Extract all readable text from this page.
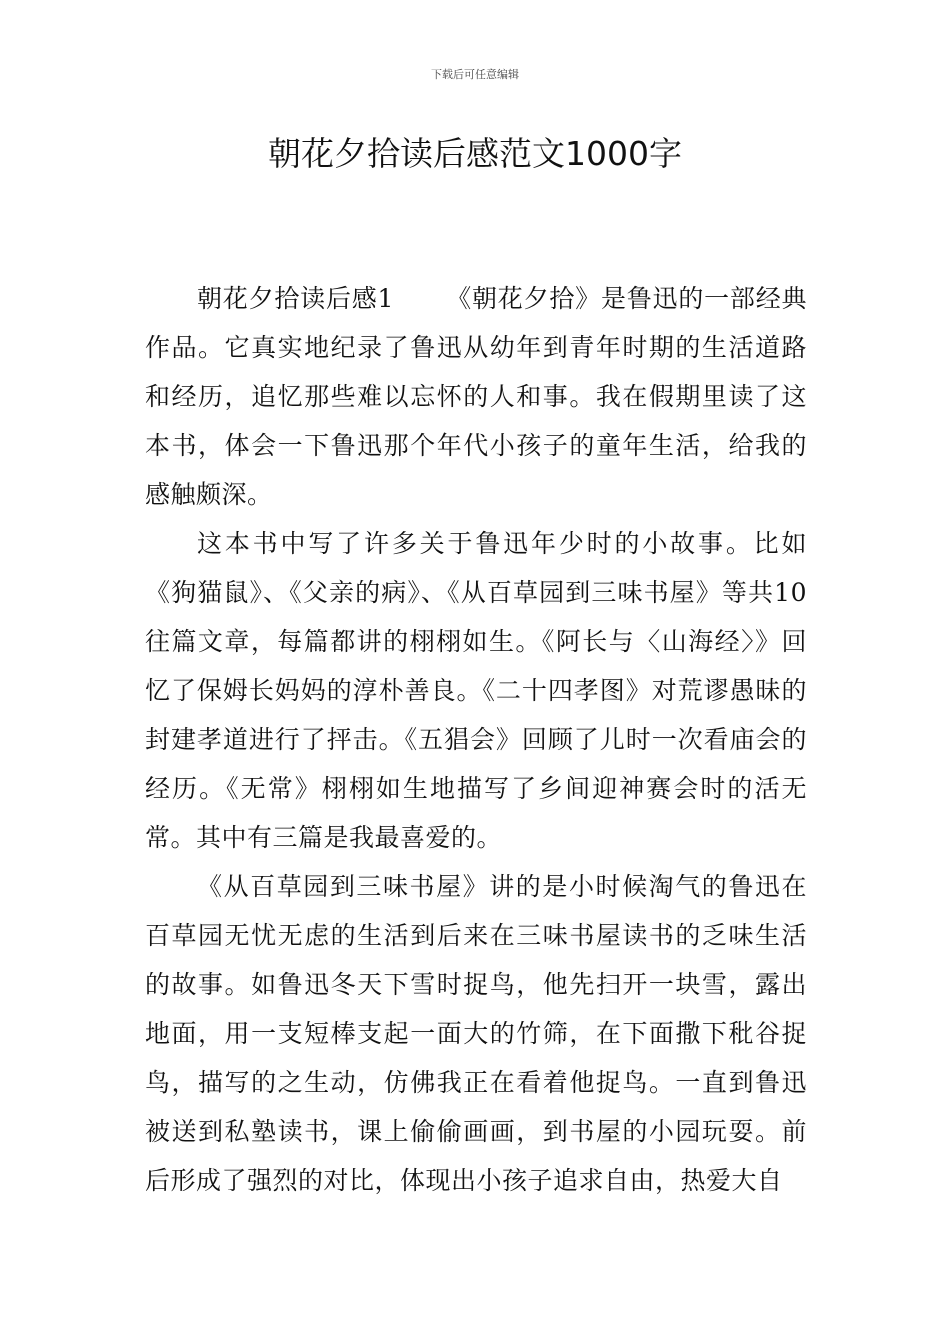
下载后可任意编辑
朝花夕拾读后感范文1000字

朝花夕拾读后感1 《朝花夕拾》是鲁迅的一部经典作品。它真实地纪录了鲁迅从幼年到青年时期的生活道路和经历，追忆那些难以忘怀的人和事。我在假期里读了这本书，体会一下鲁迅那个年代小孩子的童年生活，给我的感触颇深。

这本书中写了许多关于鲁迅年少时的小故事。比如《狗猫鼠》、《父亲的病》、《从百草园到三味书屋》等共10往篇文章，每篇都讲的栩栩如生。《阿长与〈山海经〉》回忆了保姆长妈妈的淳朴善良。《二十四孝图》对荒谬愚昧的封建孝道进行了抨击。《五猖会》回顾了儿时一次看庙会的经历。《无常》栩栩如生地描写了乡间迎神赛会时的活无常。其中有三篇是我最喜爱的。

《从百草园到三味书屋》讲的是小时候淘气的鲁迅在百草园无忧无虑的生活到后来在三味书屋读书的乏味生活的故事。如鲁迅冬天下雪时捉鸟，他先扫开一块雪，露出地面，用一支短棒支起一面大的竹筛，在下面撒下秕谷捉鸟，描写的之生动，仿佛我正在看着他捉鸟。一直到鲁迅被送到私塾读书，课上偷偷画画，到书屋的小园玩耍。前后形成了强烈的对比，体现出小孩子追求自由，热爱大自
